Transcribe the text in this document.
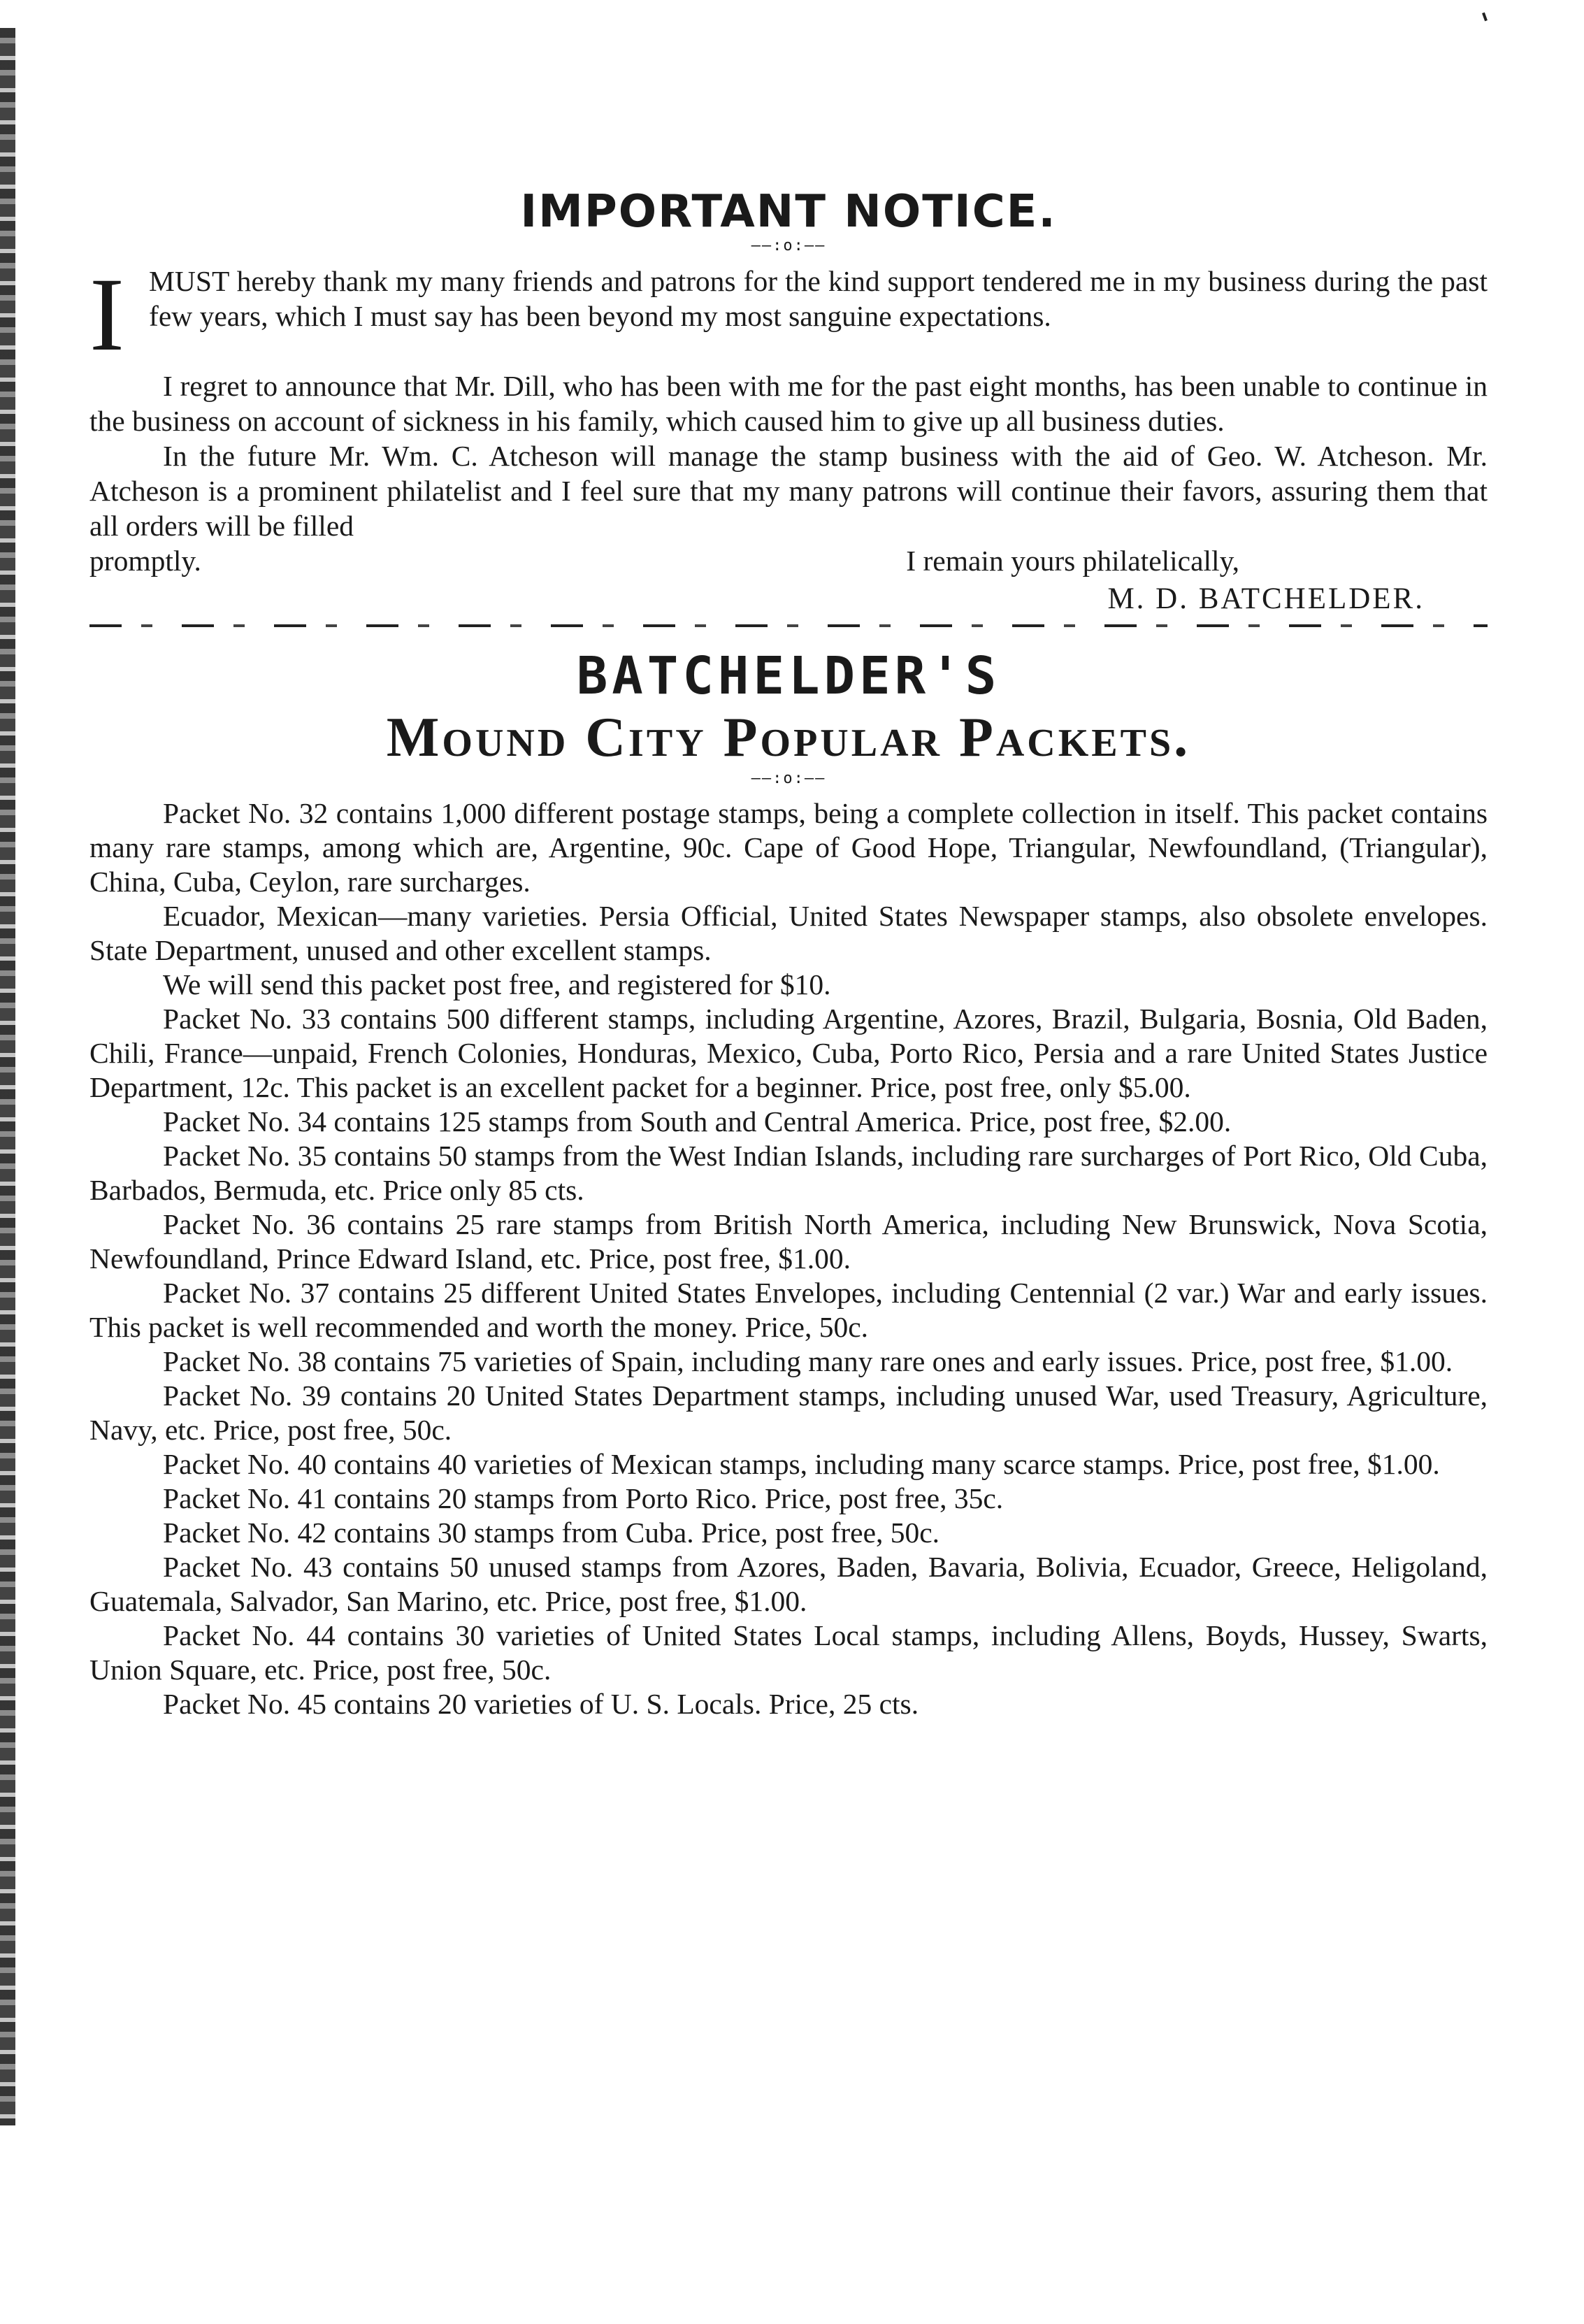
IMPORTANT NOTICE.
——:o:——

I MUST hereby thank my many friends and patrons for the kind support tendered me in my business during the past few years, which I must say has been beyond my most sanguine expectations.

I regret to announce that Mr. Dill, who has been with me for the past eight months, has been unable to continue in the business on account of sickness in his family, which caused him to give up all business duties.

In the future Mr. Wm. C. Atcheson will manage the stamp business with the aid of Geo. W. Atcheson. Mr. Atcheson is a prominent philatelist and I feel sure that my many patrons will continue their favors, assuring them that all orders will be filled

promptly.	I remain yours philatelically,
M. D. BATCHELDER.
BATCHELDER'S
Mound City Popular Packets.
——:o:——

Packet No. 32 contains 1,000 different postage stamps, being a complete collection in itself. This packet contains many rare stamps, among which are, Argentine, 90c. Cape of Good Hope, Triangular, Newfoundland, (Triangular), China, Cuba, Ceylon, rare surcharges.

Ecuador, Mexican—many varieties. Persia Official, United States Newspaper stamps, also obsolete envelopes. State Department, unused and other excellent stamps.

We will send this packet post free, and registered for $10.

Packet No. 33 contains 500 different stamps, including Argentine, Azores, Brazil, Bulgaria, Bosnia, Old Baden, Chili, France—unpaid, French Colonies, Honduras, Mexico, Cuba, Porto Rico, Persia and a rare United States Justice Department, 12c. This packet is an excellent packet for a beginner. Price, post free, only $5.00.

Packet No. 34 contains 125 stamps from South and Central America. Price, post free, $2.00.

Packet No. 35 contains 50 stamps from the West Indian Islands, including rare surcharges of Port Rico, Old Cuba, Barbados, Bermuda, etc. Price only 85 cts.

Packet No. 36 contains 25 rare stamps from British North America, including New Brunswick, Nova Scotia, Newfoundland, Prince Edward Island, etc. Price, post free, $1.00.

Packet No. 37 contains 25 different United States Envelopes, including Centennial (2 var.) War and early issues. This packet is well recommended and worth the money. Price, 50c.

Packet No. 38 contains 75 varieties of Spain, including many rare ones and early issues. Price, post free, $1.00.

Packet No. 39 contains 20 United States Department stamps, including unused War, used Treasury, Agriculture, Navy, etc. Price, post free, 50c.

Packet No. 40 contains 40 varieties of Mexican stamps, including many scarce stamps. Price, post free, $1.00.

Packet No. 41 contains 20 stamps from Porto Rico. Price, post free, 35c.

Packet No. 42 contains 30 stamps from Cuba. Price, post free, 50c.

Packet No. 43 contains 50 unused stamps from Azores, Baden, Bavaria, Bolivia, Ecuador, Greece, Heligoland, Guatemala, Salvador, San Marino, etc. Price, post free, $1.00.

Packet No. 44 contains 30 varieties of United States Local stamps, including Allens, Boyds, Hussey, Swarts, Union Square, etc. Price, post free, 50c.

Packet No. 45 contains 20 varieties of U. S. Locals. Price, 25 cts.
